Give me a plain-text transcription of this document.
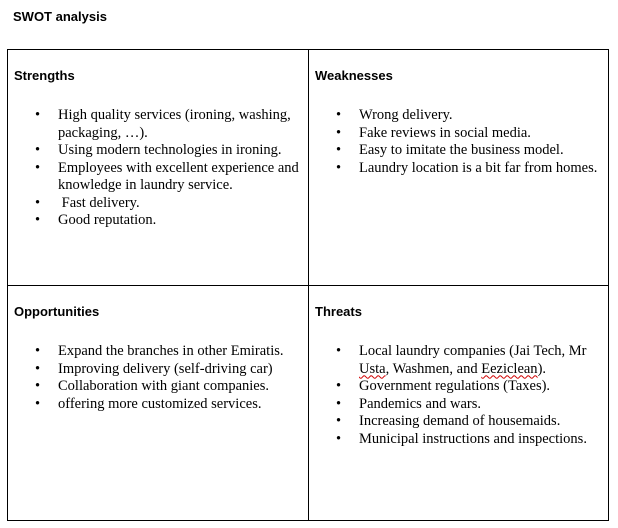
SWOT analysis
Strengths
• High quality services (ironing, washing, packaging, …).
• Using modern technologies in ironing.
• Employees with excellent experience and knowledge in laundry service.
•  Fast delivery.
• Good reputation.
Weaknesses
• Wrong delivery.
• Fake reviews in social media.
• Easy to imitate the business model.
• Laundry location is a bit far from homes.
Opportunities
• Expand the branches in other Emiratis.
• Improving delivery (self-driving car)
• Collaboration with giant companies.
• offering more customized services.
Threats
• Local laundry companies (Jai Tech, Mr Usta, Washmen, and Eeziclean).
• Government regulations (Taxes).
• Pandemics and wars.
• Increasing demand of housemaids.
• Municipal instructions and inspections.
